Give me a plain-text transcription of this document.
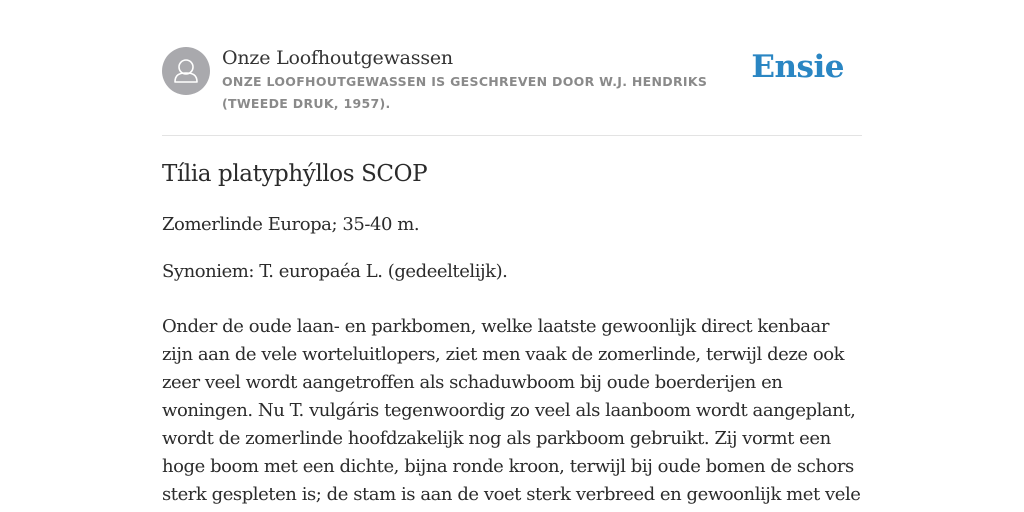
Onze Loofhoutgewassen
ONZE LOOFHOUTGEWASSEN IS GESCHREVEN DOOR W.J. HENDRIKS (TWEEDE DRUK, 1957).
Ensie
Tília platyphýllos SCOP

Zomerlinde Europa; 35-40 m.

Synoniem: T. europaéa L. (gedeeltelijk).

Onder de oude laan- en parkbomen, welke laatste gewoonlijk direct kenbaar zijn aan de vele worteluitlopers, ziet men vaak de zomerlinde, terwijl deze ook zeer veel wordt aangetroffen als schaduwboom bij oude boerderijen en woningen. Nu T. vulgáris tegenwoordig zo veel als laanboom wordt aangeplant, wordt de zomerlinde hoofdzakelijk nog als parkboom gebruikt. Zij vormt een hoge boom met een dichte, bijna ronde kroon, terwijl bij oude bomen de schors sterk gespleten is; de stam is aan de voet sterk verbreed en gewoonlijk met vele
